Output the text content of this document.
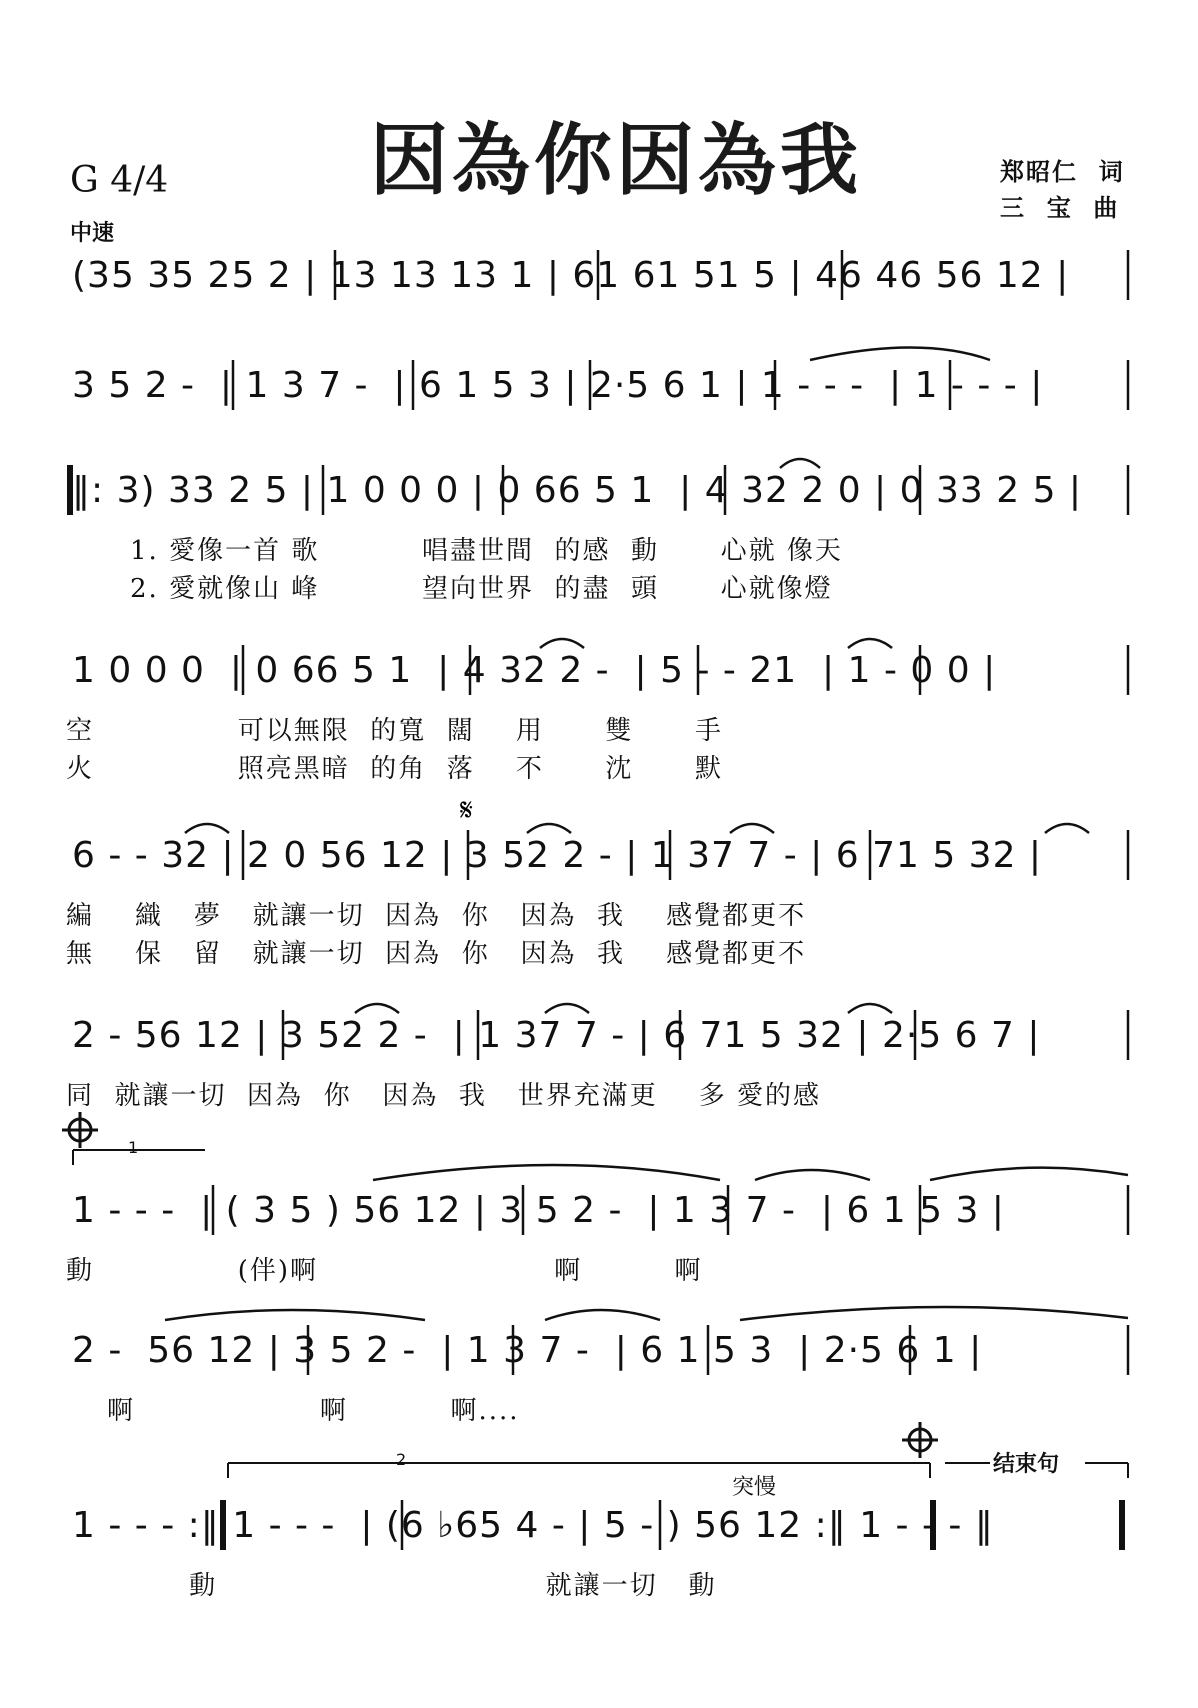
𝄋
因為你因為我
G 4/4
中速
郑昭仁  词
三  宝  曲
(35 35 25 2 | 13 13 13 1 | 61 61 51 5 | 46 46 56 12 |
3 5 2 -  | 1 3 7 -  | 6 1 5 3 | 2·5 6 1 | 1 - - -  | 1 - - - |
‖: 3) 33 2 5 | 1 0 0 0 | 0 66 5 1  | 4 32 2 0 | 0 33 2 5 |
1. 愛像一首 歌          唱盡世間  的感  動      心就 像天
2. 愛就像山 峰          望向世界  的盡  頭      心就像燈
1 0 0 0  | 0 66 5 1  | 4 32 2 -  | 5 - - 21  | 1 - 0 0 |
空              可以無限  的寬  闊    用      雙      手
火              照亮黑暗  的角  落    不      沈      默
6 - - 32 | 2 0 56 12 | 3 52 2 - | 1 37 7 - | 6 71 5 32 |
編    織   夢   就讓一切  因為  你   因為  我    感覺都更不
無    保   留   就讓一切  因為  你   因為  我    感覺都更不
2 - 56 12 | 3 52 2 -  | 1 37 7 - | 6 71 5 32 | 2·5 6 7 |
同  就讓一切  因為  你   因為  我   世界充滿更    多 愛的感
1
1 - - -  | ( 3 5 ) 56 12 | 3 5 2 -  | 1 3 7 -  | 6 1 5 3 |
動              (伴)啊                       啊         啊
2 -  56 12 | 3 5 2 -  | 1 3 7 -  | 6 1 5 3  | 2·5 6 1 |
啊                  啊          啊....
2
突慢
结束句
1 - - - :‖ 1 - - -  | (6 ♭65 4 - | 5 - ) 56 12 :‖ 1 - - - ‖
動                                就讓一切   動
